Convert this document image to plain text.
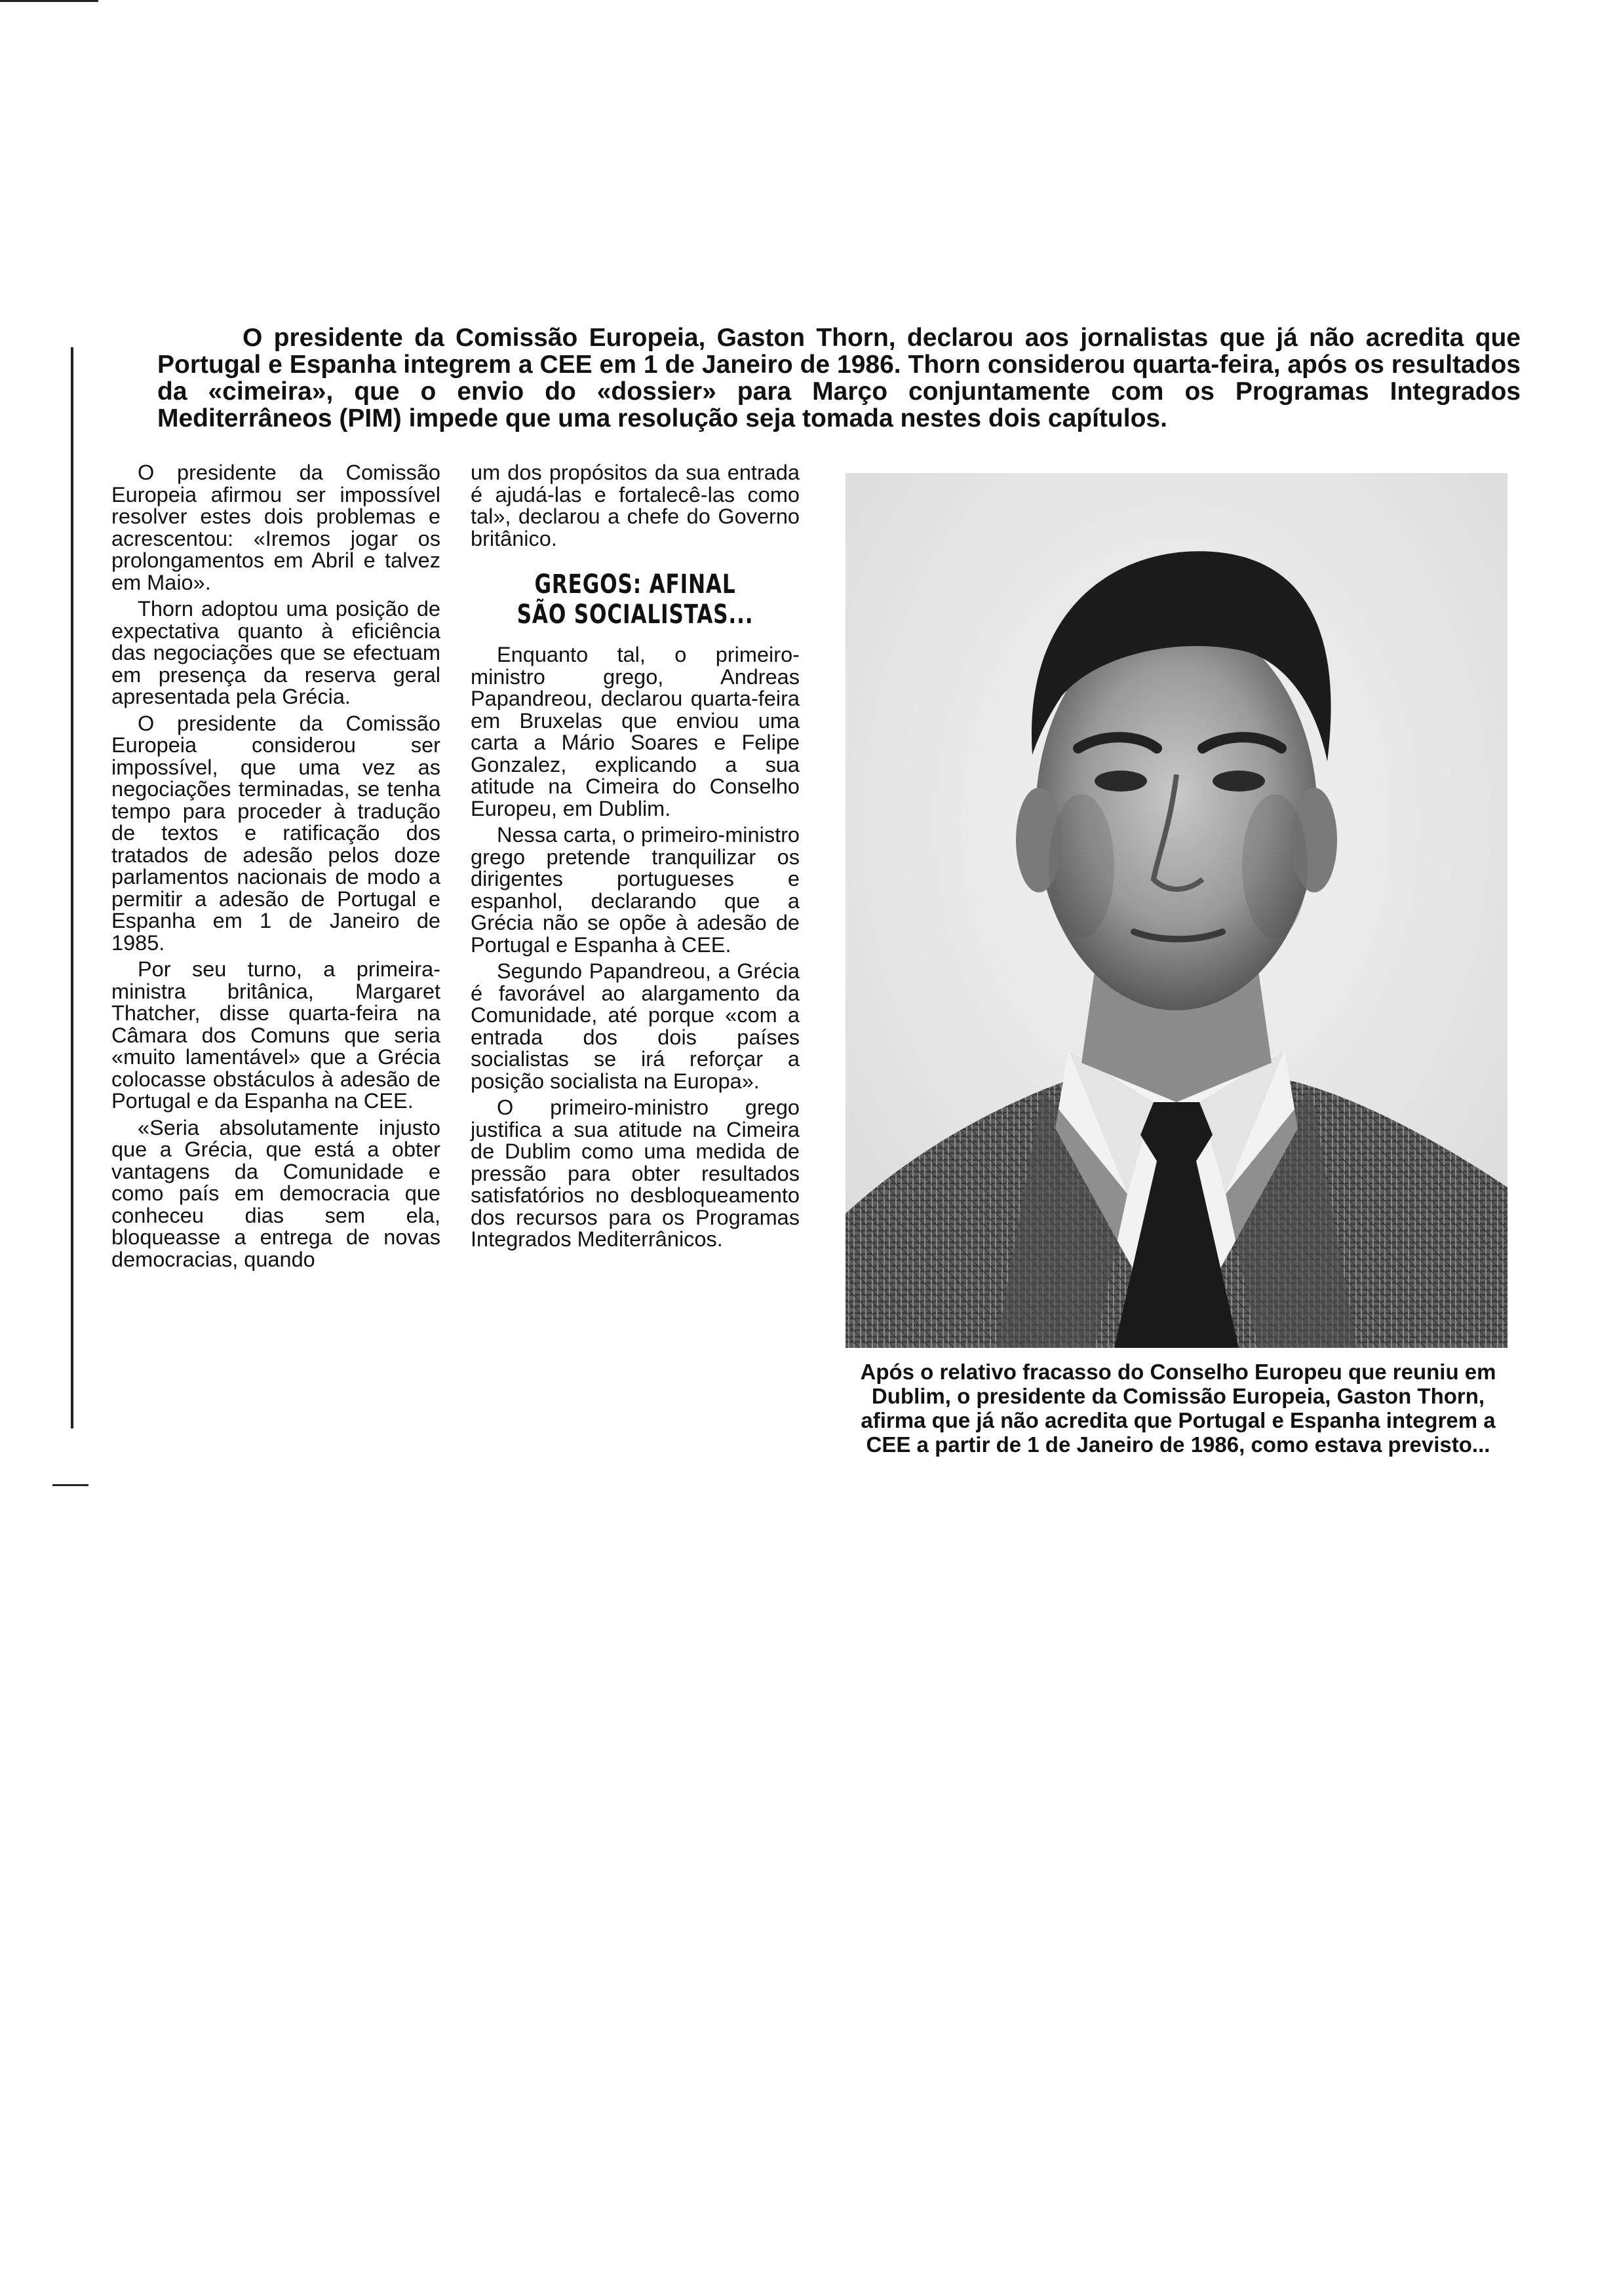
O presidente da Comissão Europeia, Gaston Thorn, declarou aos jornalistas que já não acredita que Portugal e Espanha integrem a CEE em 1 de Janeiro de 1986. Thorn considerou quarta-feira, após os resultados da «cimeira», que o envio do «dossier» para Março conjuntamente com os Programas Integrados Mediterrâneos (PIM) impede que uma resolução seja tomada nestes dois capítulos.

O presidente da Comissão Europeia afirmou ser impossível resolver estes dois problemas e acrescentou: «Iremos jogar os prolongamentos em Abril e talvez em Maio».

Thorn adoptou uma posição de expectativa quanto à eficiência das negociações que se efectuam em presença da reserva geral apresentada pela Grécia.

O presidente da Comissão Europeia considerou ser impossível, que uma vez as negociações terminadas, se tenha tempo para proceder à tradução de textos e ratificação dos tratados de adesão pelos doze parlamentos nacionais de modo a permitir a adesão de Portugal e Espanha em 1 de Janeiro de 1985.

Por seu turno, a primeira-ministra britânica, Margaret Thatcher, disse quarta-feira na Câmara dos Comuns que seria «muito lamentável» que a Grécia colocasse obstáculos à adesão de Portugal e da Espanha na CEE.

«Seria absolutamente injusto que a Grécia, que está a obter vantagens da Comunidade e como país em democracia que conheceu dias sem ela, bloqueasse a entrega de novas democracias, quando

um dos propósitos da sua entrada é ajudá-las e fortalecê-las como tal», declarou a chefe do Governo britânico.

GREGOS: AFINAL
SÃO SOCIALISTAS...

Enquanto tal, o primeiro-ministro grego, Andreas Papandreou, declarou quarta-feira em Bruxelas que enviou uma carta a Mário Soares e Felipe Gonzalez, explicando a sua atitude na Cimeira do Conselho Europeu, em Dublim.

Nessa carta, o primeiro-ministro grego pretende tranquilizar os dirigentes portugueses e espanhol, declarando que a Grécia não se opõe à adesão de Portugal e Espanha à CEE.

Segundo Papandreou, a Grécia é favorável ao alargamento da Comunidade, até porque «com a entrada dos dois países socialistas se irá reforçar a posição socialista na Europa».

O primeiro-ministro grego justifica a sua atitude na Cimeira de Dublim como uma medida de pressão para obter resultados satisfatórios no desbloqueamento dos recursos para os Programas Integrados Mediterrânicos.

Após o relativo fracasso do Conselho Europeu que reuniu em Dublim, o presidente da Comissão Europeia, Gaston Thorn, afirma que já não acredita que Portugal e Espanha integrem a CEE a partir de 1 de Janeiro de 1986, como estava previsto...
